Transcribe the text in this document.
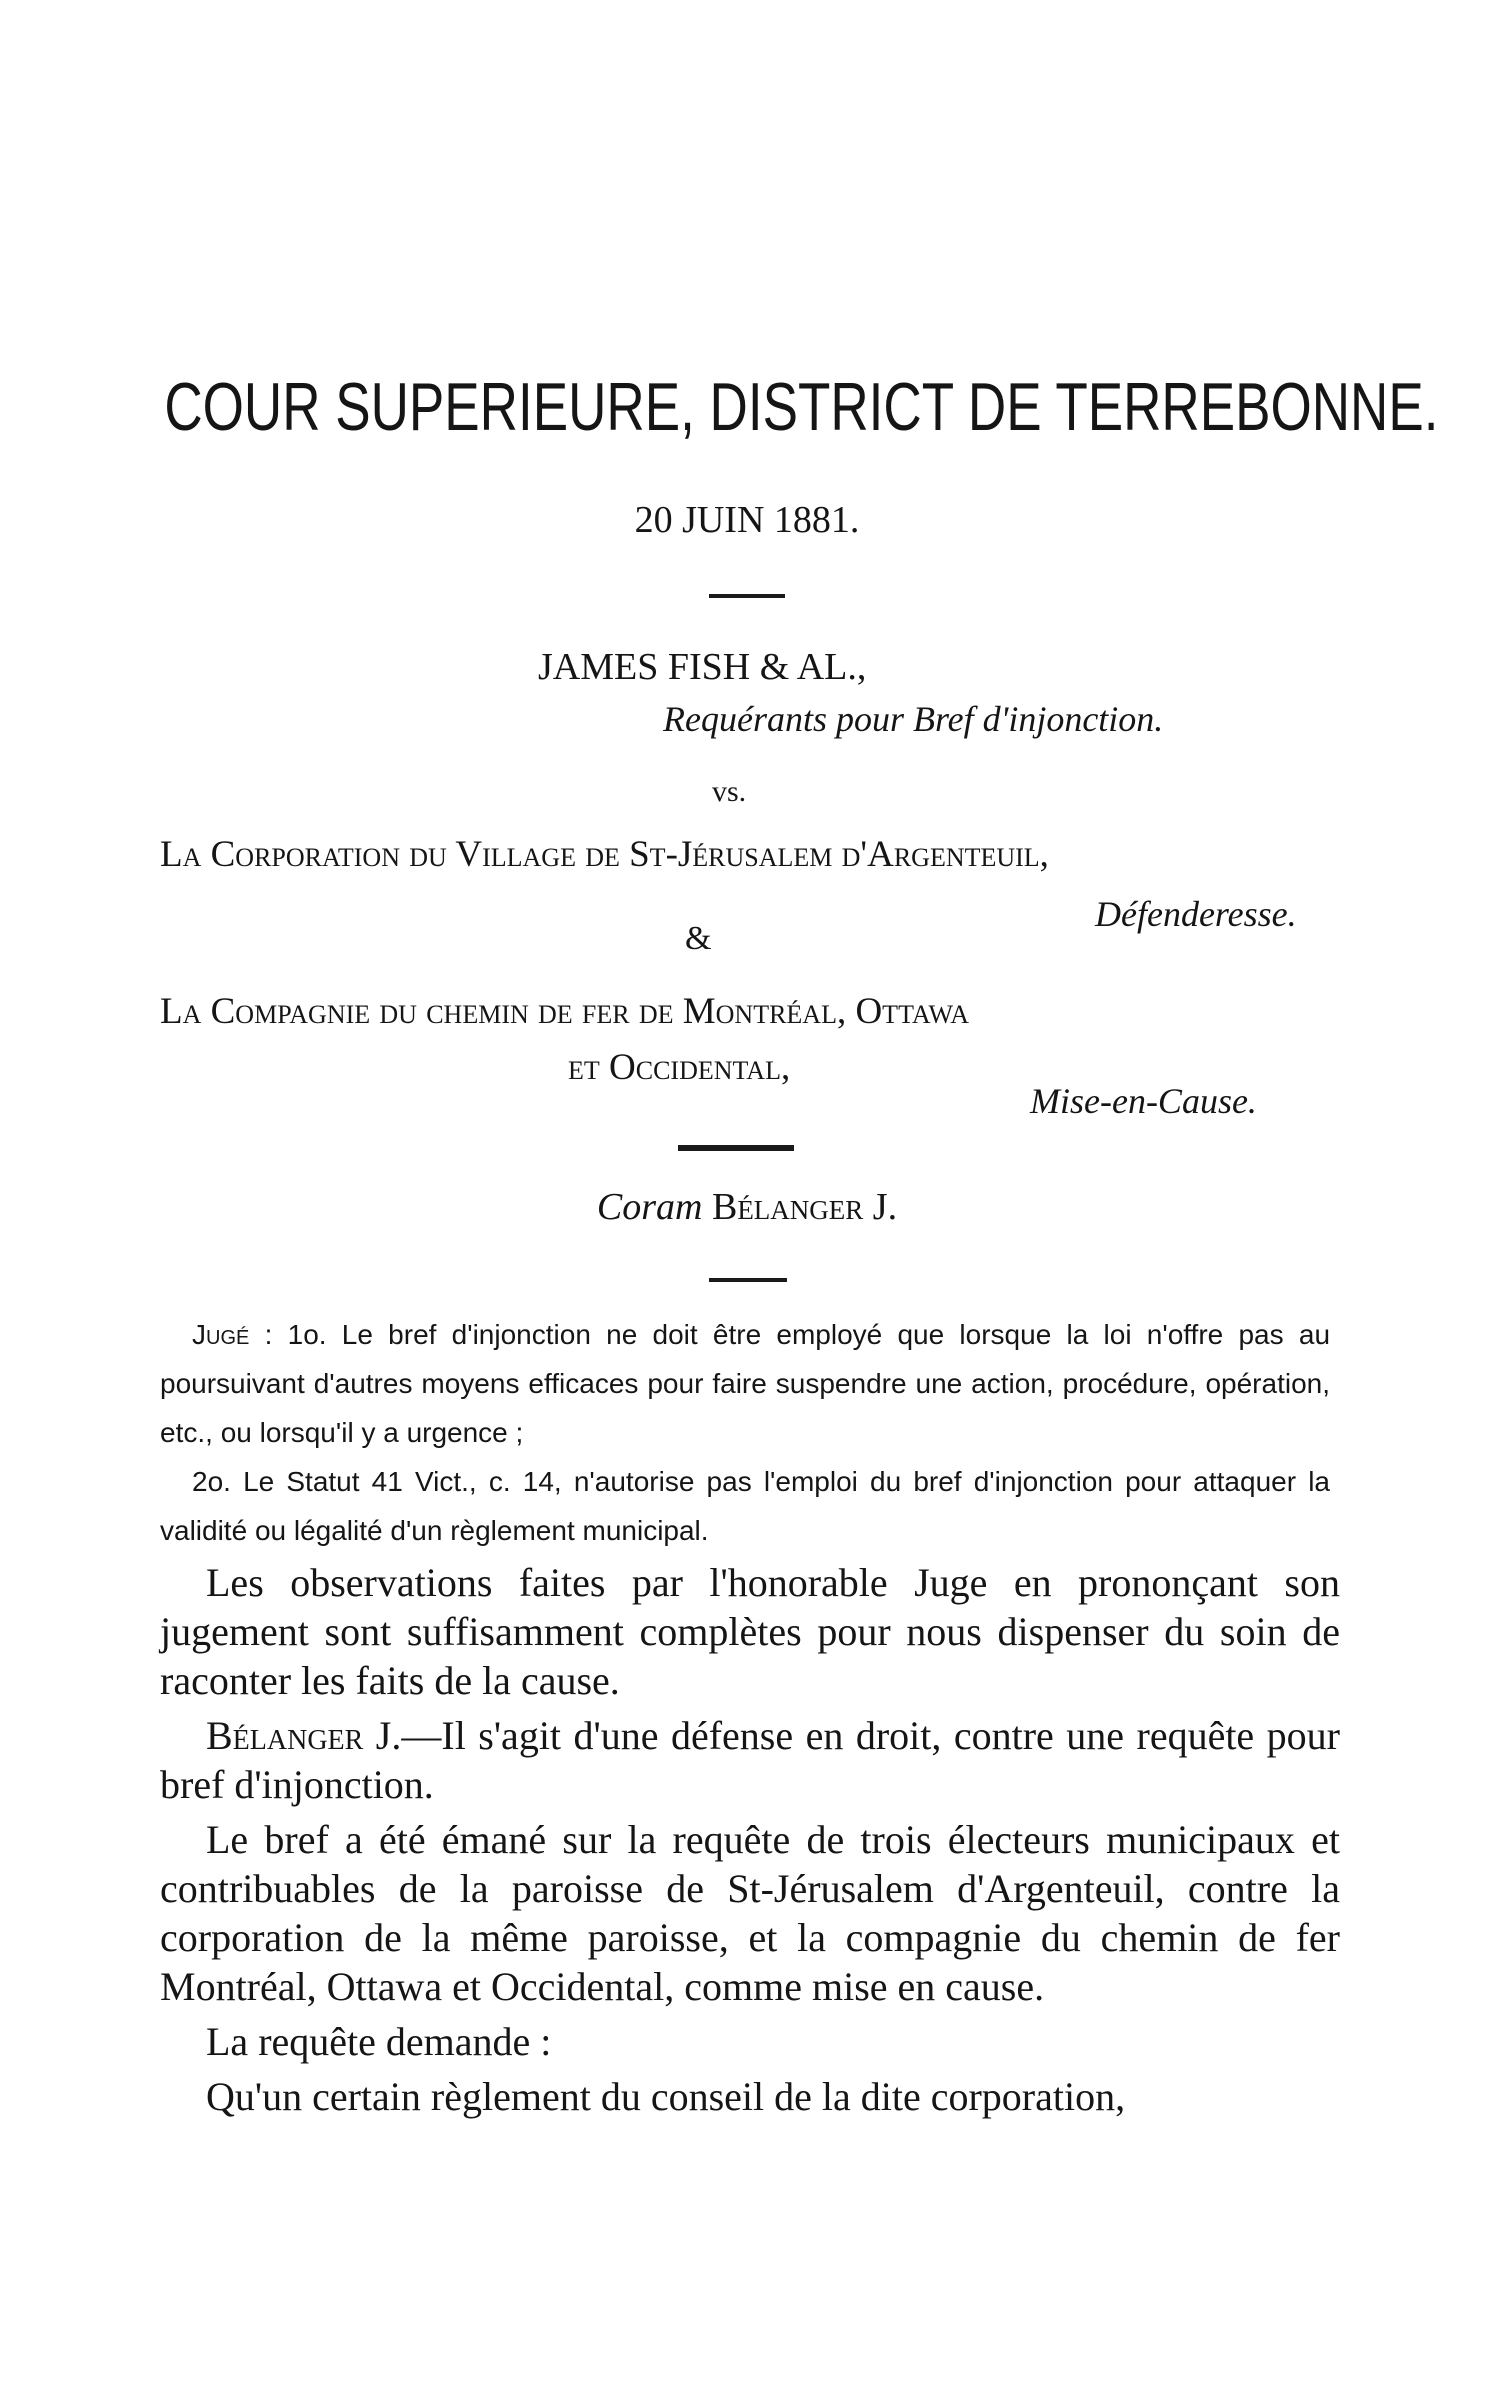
COUR SUPERIEURE, DISTRICT DE TERREBONNE.
20 JUIN 1881.
JAMES FISH & AL.,
Requérants pour Bref d'injonction.
vs.
La Corporation du Village de St-Jérusalem d'Argenteuil,
Défenderesse.
&
La Compagnie du chemin de fer de Montréal, Ottawa
et Occidental,
Mise-en-Cause.
Coram Bélanger J.

Jugé : 1o. Le bref d'injonction ne doit être employé que lorsque la loi n'offre pas au poursuivant d'autres moyens efficaces pour faire suspendre une action, procédure, opération, etc., ou lorsqu'il y a urgence ;

2o. Le Statut 41 Vict., c. 14, n'autorise pas l'emploi du bref d'injonction pour attaquer la validité ou légalité d'un règlement municipal.

Les observations faites par l'honorable Juge en prononçant son jugement sont suffisamment complètes pour nous dispenser du soin de raconter les faits de la cause.

Bélanger J.—Il s'agit d'une défense en droit, contre une requête pour bref d'injonction.

Le bref a été émané sur la requête de trois électeurs municipaux et contribuables de la paroisse de St-Jérusalem d'Argenteuil, contre la corporation de la même paroisse, et la compagnie du chemin de fer Montréal, Ottawa et Occidental, comme mise en cause.

La requête demande :

Qu'un certain règlement du conseil de la dite corporation,
